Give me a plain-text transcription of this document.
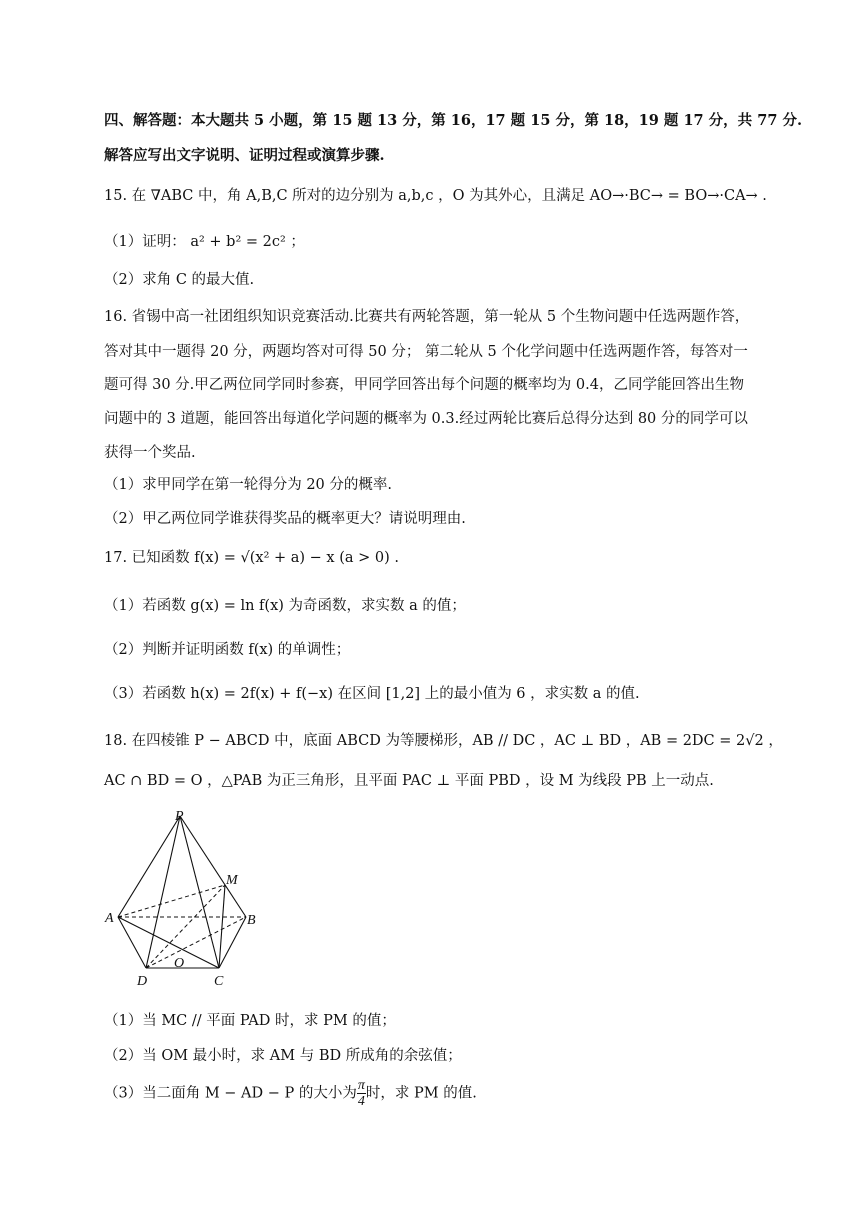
四、解答题：本大题共 5 小题，第 15 题 13 分，第 16，17 题 15 分，第 18，19 题 17 分，共 77 分.
解答应写出文字说明、证明过程或演算步骤.
15. 在 ∇ABC 中，角 A,B,C 所对的边分别为 a,b,c ，O 为其外心，且满足 AO→·BC→ = BO→·CA→ .
（1）证明： a² + b² = 2c² ；
（2）求角 C 的最大值.
16. 省锡中高一社团组织知识竞赛活动.比赛共有两轮答题，第一轮从 5 个生物问题中任选两题作答，
答对其中一题得 20 分，两题均答对可得 50 分； 第二轮从 5 个化学问题中任选两题作答，每答对一
题可得 30 分.甲乙两位同学同时参赛，甲同学回答出每个问题的概率均为 0.4，乙同学能回答出生物
问题中的 3 道题，能回答出每道化学问题的概率为 0.3.经过两轮比赛后总得分达到 80 分的同学可以
获得一个奖品.
（1）求甲同学在第一轮得分为 20 分的概率.
（2）甲乙两位同学谁获得奖品的概率更大？请说明理由.
17. 已知函数 f(x) = √(x² + a) − x (a > 0) .
（1）若函数 g(x) = ln f(x) 为奇函数，求实数 a 的值；
（2）判断并证明函数 f(x) 的单调性；
（3）若函数 h(x) = 2f(x) + f(−x) 在区间 [1,2] 上的最小值为 6 ，求实数 a 的值.
18. 在四棱锥 P − ABCD 中，底面 ABCD 为等腰梯形，AB // DC ，AC ⊥ BD ，AB = 2DC = 2√2 ，
AC ∩ BD = O ，△PAB 为正三角形，且平面 PAC ⊥ 平面 PBD ，设 M 为线段 PB 上一动点.
P
M
A	B
O
D	C
（1）当 MC // 平面 PAD 时，求 PM 的值；
（2）当 OM 最小时，求 AM 与 BD 所成角的余弦值；
（3）当二面角 M − AD − P 的大小为 $\frac{\pi}{4}$ 时，求 PM 的值.
